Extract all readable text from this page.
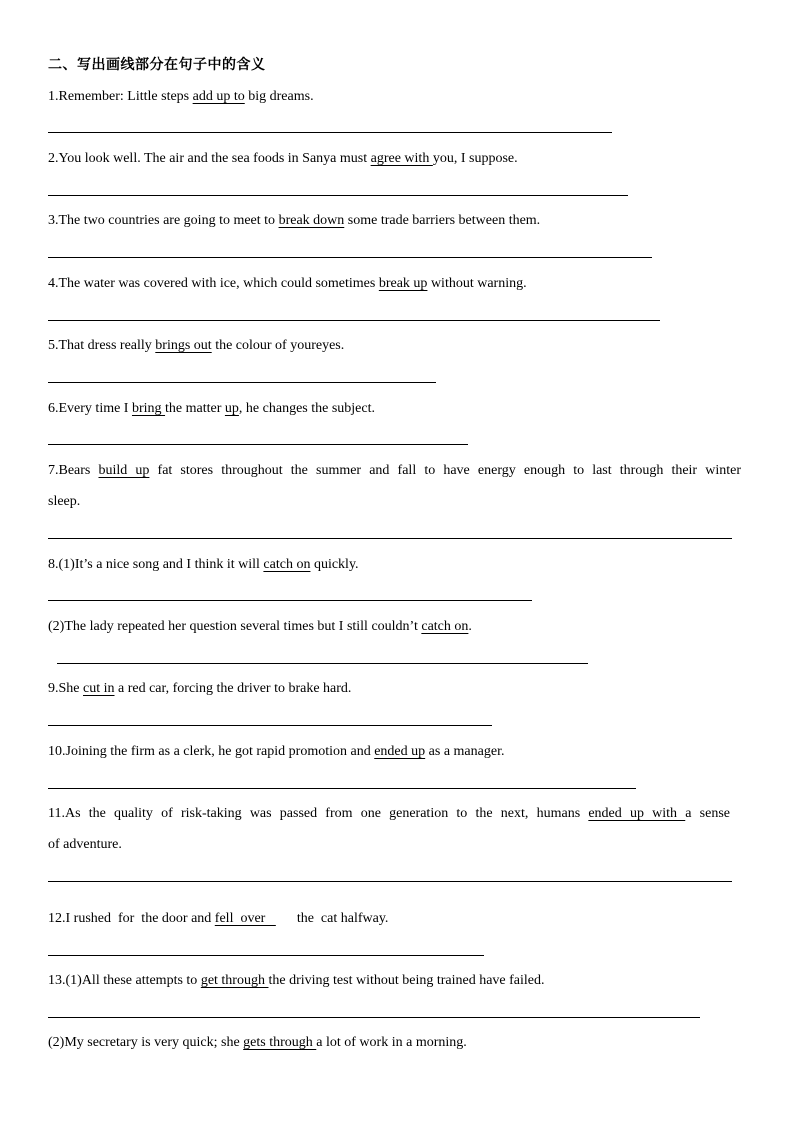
二、写出画线部分在句子中的含义
1.Remember: Little steps add up to big dreams.
2.You look well. The air and the sea foods in Sanya must agree with you, I suppose.
3.The two countries are going to meet to break down some trade barriers between them.
4.The water was covered with ice, which could sometimes break up without warning.
5.That dress really brings out the colour of youreyes.
6.Every time I bring the matter up, he changes the subject.
7.Bears build up fat stores throughout the summer and fall to have energy enough to last through their winter
sleep.
8.(1)It’s a nice song and I think it will catch on quickly.
(2)The lady repeated her question several times but I still couldn’t catch on.
9.She cut in a red car, forcing the driver to brake hard.
10.Joining the firm as a clerk, he got rapid promotion and ended up as a manager.
11.As the quality of risk-taking was passed from one generation to the next, humans ended up with a sense
of adventure.
12.I rushed  for  the door and fell  over         the  cat halfway.
13.(1)All these attempts to get through the driving test without being trained have failed.
(2)My secretary is very quick; she gets through a lot of work in a morning.
